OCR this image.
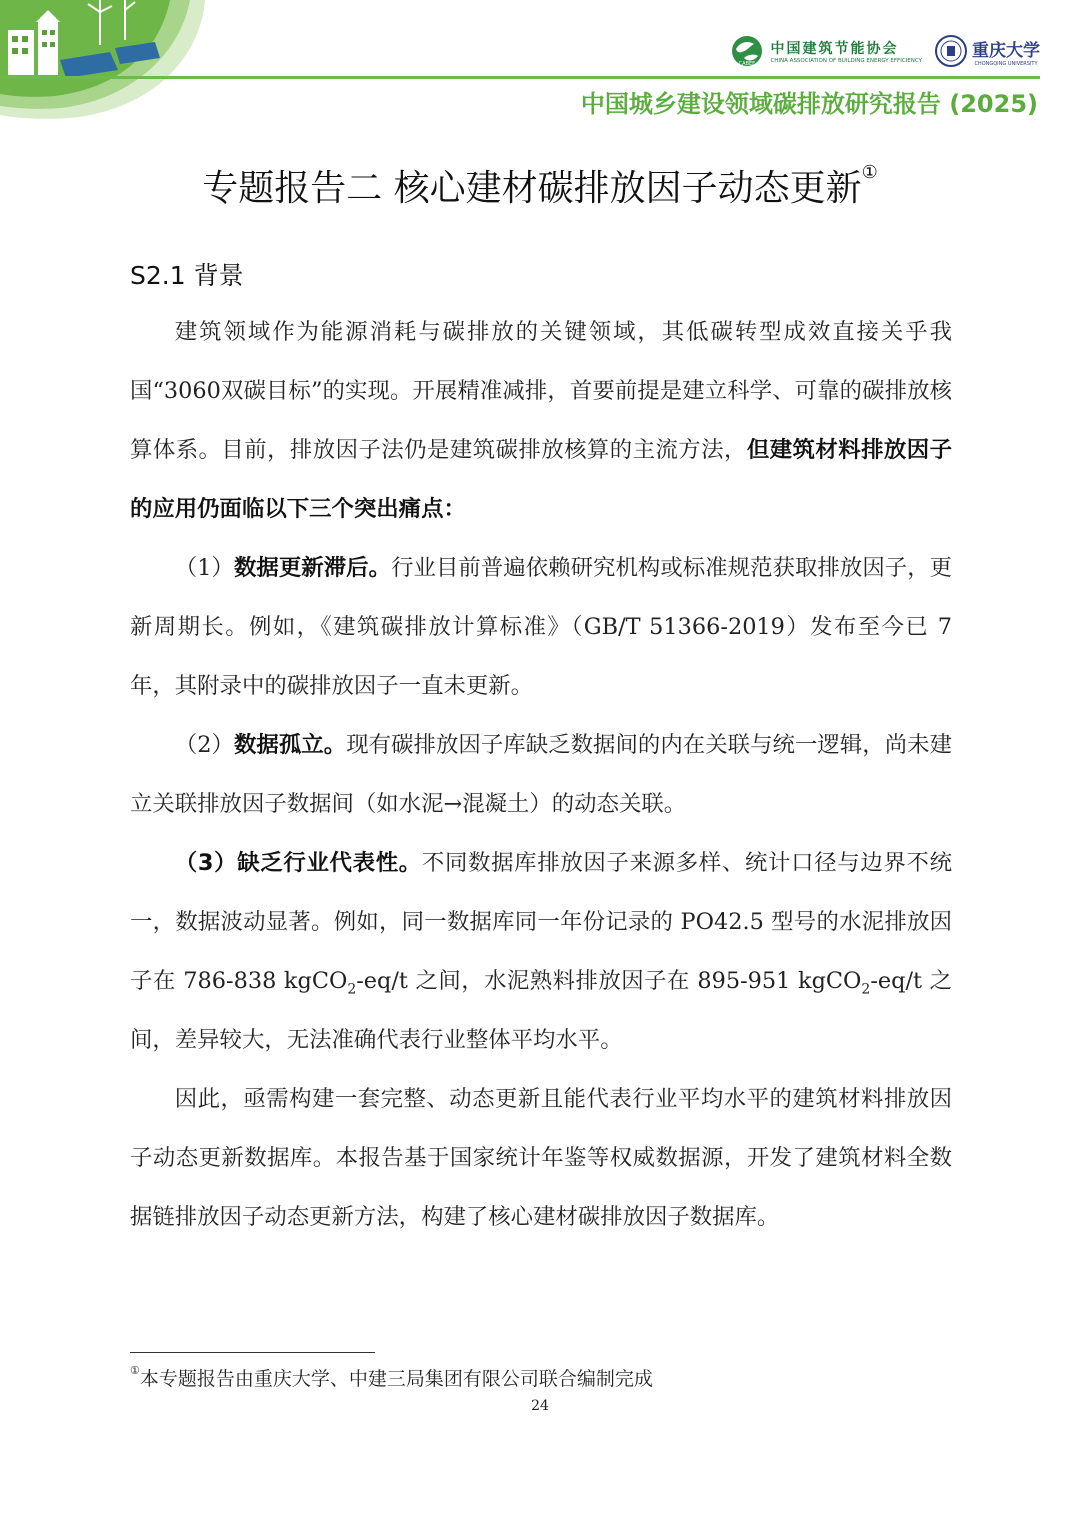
CABEE
中国建筑节能协会
CHINA ASSOCIATION OF BUILDING ENERGY EFFICIENCY
重庆大学
CHONGQING UNIVERSITY
中国城乡建设领域碳排放研究报告 (2025)
专题报告二 核心建材碳排放因子动态更新①
S2.1 背景

建筑领域作为能源消耗与碳排放的关键领域，其低碳转型成效直接关乎我国“3060双碳目标”的实现。开展精准减排，首要前提是建立科学、可靠的碳排放核算体系。目前，排放因子法仍是建筑碳排放核算的主流方法，但建筑材料排放因子的应用仍面临以下三个突出痛点：

（1）数据更新滞后。行业目前普遍依赖研究机构或标准规范获取排放因子，更新周期长。例如，《建筑碳排放计算标准》（GB/T 51366-2019）发布至今已 7 年，其附录中的碳排放因子一直未更新。

（2）数据孤立。现有碳排放因子库缺乏数据间的内在关联与统一逻辑，尚未建立关联排放因子数据间（如水泥→混凝土）的动态关联。

（3）缺乏行业代表性。不同数据库排放因子来源多样、统计口径与边界不统一，数据波动显著。例如，同一数据库同一年份记录的 PO42.5 型号的水泥排放因子在 786-838 kgCO$_2$-eq/t 之间，水泥熟料排放因子在 895-951 kgCO$_2$-eq/t 之间，差异较大，无法准确代表行业整体平均水平。

因此，亟需构建一套完整、动态更新且能代表行业平均水平的建筑材料排放因子动态更新数据库。本报告基于国家统计年鉴等权威数据源，开发了建筑材料全数据链排放因子动态更新方法，构建了核心建材碳排放因子数据库。

①本专题报告由重庆大学、中建三局集团有限公司联合编制完成
24
